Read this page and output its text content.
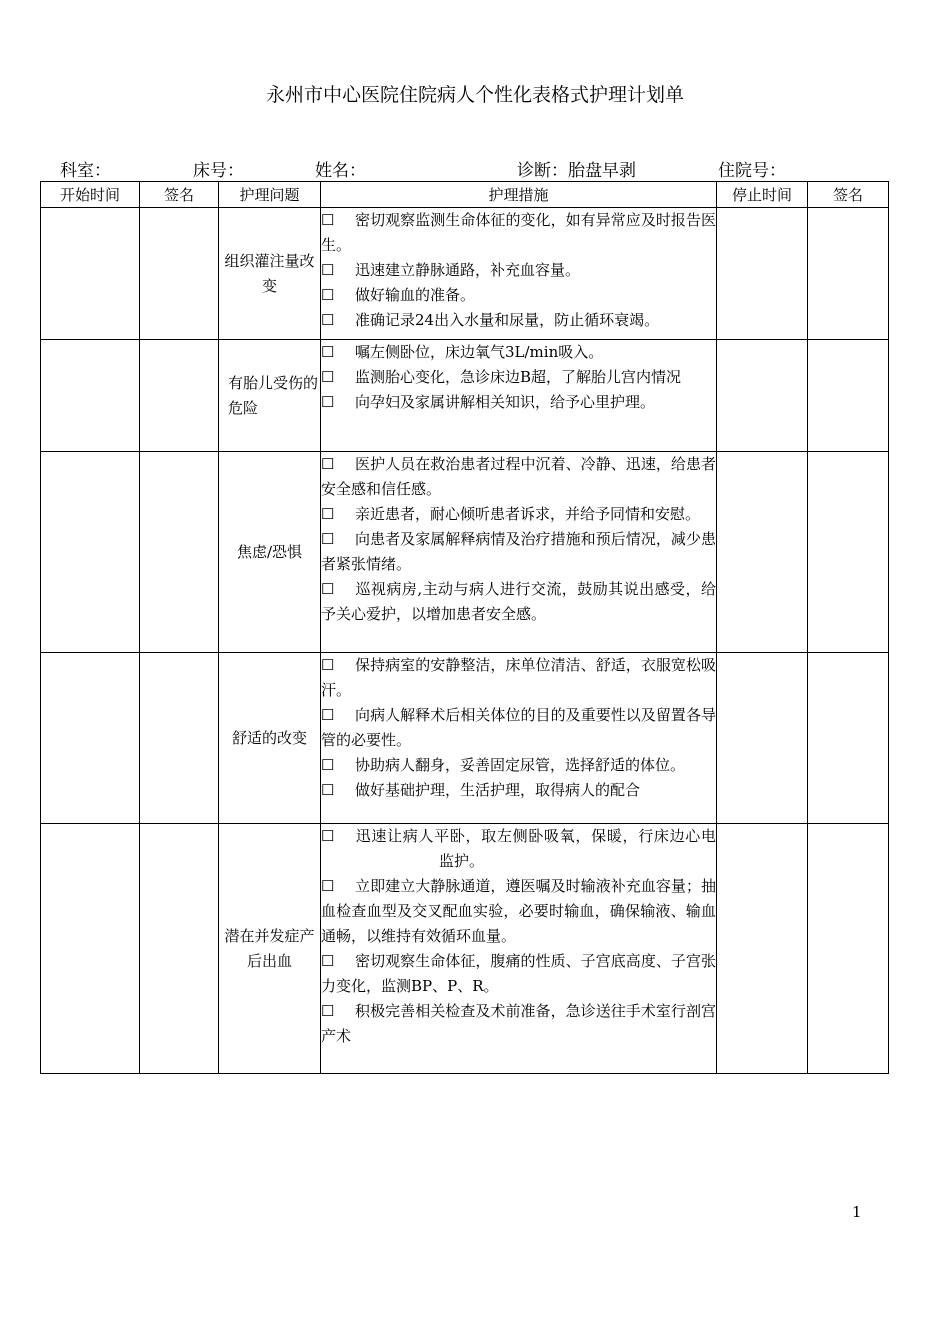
永州市中心医院住院病人个性化表格式护理计划单
科室：	床号：	姓名：	诊断：胎盘早剥	住院号：
开始时间	签名	护理问题	护理措施	停止时间	签名
		组织灌注量改变	☐ 密切观察监测生命体征的变化，如有异常应及时报告医生。
☐ 迅速建立静脉通路，补充血容量。
☐ 做好输血的准备。
☐ 准确记录24出入水量和尿量，防止循环衰竭。		

		有胎儿受伤的危险	☐ 嘱左侧卧位，床边氧气3L/min吸入。
☐ 监测胎心变化，急诊床边B超，了解胎儿宫内情况
☐ 向孕妇及家属讲解相关知识，给予心里护理。		

		焦虑/恐惧	☐ 医护人员在救治患者过程中沉着、冷静、迅速，给患者安全感和信任感。
☐ 亲近患者，耐心倾听患者诉求，并给予同情和安慰。
☐ 向患者及家属解释病情及治疗措施和预后情况，减少患者紧张情绪。
☐ 巡视病房,主动与病人进行交流，鼓励其说出感受，给予关心爱护，以增加患者安全感。		

		舒适的改变	☐ 保持病室的安静整洁，床单位清洁、舒适，衣服宽松吸汗。
☐ 向病人解释术后相关体位的目的及重要性以及留置各导管的必要性。
☐ 协助病人翻身，妥善固定尿管，选择舒适的体位。
☐ 做好基础护理，生活护理，取得病人的配合		

		潜在并发症产后出血	☐ 迅速让病人平卧，取左侧卧吸氧，保暖，行床边心电监护。
☐ 立即建立大静脉通道，遵医嘱及时输液补充血容量；抽血检查血型及交叉配血实验，必要时输血，确保输液、输血通畅，以维持有效循环血量。
☐ 密切观察生命体征，腹痛的性质、子宫底高度、子宫张力变化，监测BP、P、R。
☐ 积极完善相关检查及术前准备，急诊送往手术室行剖宫产术		

1
